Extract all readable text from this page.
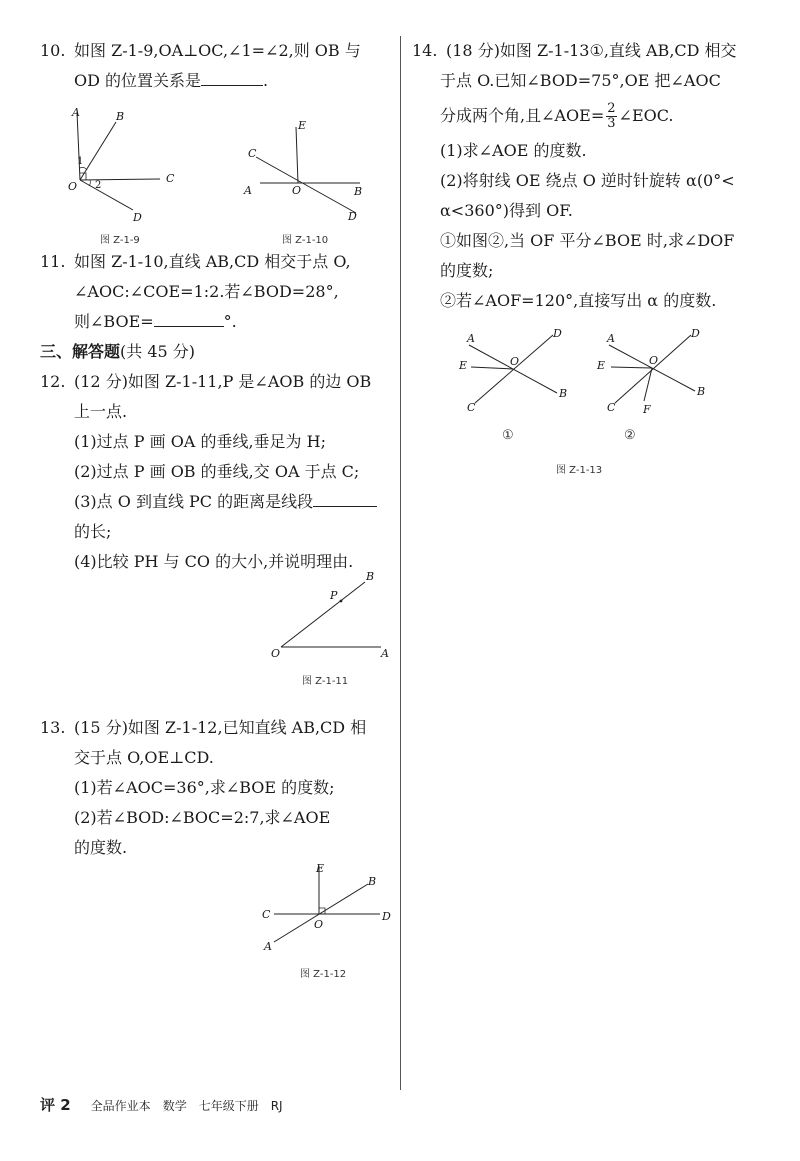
10. 如图 Z-1-9,OA⊥OC,∠1=∠2,则 OB 与
OD 的位置关系是	.
A	B
1
O 2
C
D
图 Z-1-9
E
C
A	O	B
D
图 Z-1-10
11. 如图 Z-1-10,直线 AB,CD 相交于点 O,
∠AOC:∠COE=1:2.若∠BOD=28°,
则∠BOE=	°.
三、解答题(共 45 分)
12. (12 分)如图 Z-1-11,P 是∠AOB 的边 OB
上一点.
(1)过点 P 画 OA 的垂线,垂足为 H;
(2)过点 P 画 OB 的垂线,交 OA 于点 C;
(3)点 O 到直线 PC 的距离是线段
的长;
(4)比较 PH 与 CO 的大小,并说明理由.
B
P
O	A
图 Z-1-11
13. (15 分)如图 Z-1-12,已知直线 AB,CD 相
交于点 O,OE⊥CD.
(1)若∠AOC=36°,求∠BOE 的度数;
(2)若∠BOD:∠BOC=2:7,求∠AOE
的度数.
E
B
C
O
D
A
图 Z-1-12
14. (18 分)如图 Z-1-13①,直线 AB,CD 相交
于点 O.已知∠BOD=75°,OE 把∠AOC
分成两个角,且∠AOE= $\frac{2}{3}$ ∠EOC.
(1)求∠AOE 的度数.
(2)将射线 OE 绕点 O 逆时针旋转 α(0°<
α<360°)得到 OF.
①如图②,当 OF 平分∠BOE 时,求∠DOF
的度数;
②若∠AOF=120°,直接写出 α 的度数.
A	D
E	O
B
C
①
A	D
E	O
B
C	F
②
图 Z-1-13
评 2 全品作业本 数学 七年级下册 RJ
